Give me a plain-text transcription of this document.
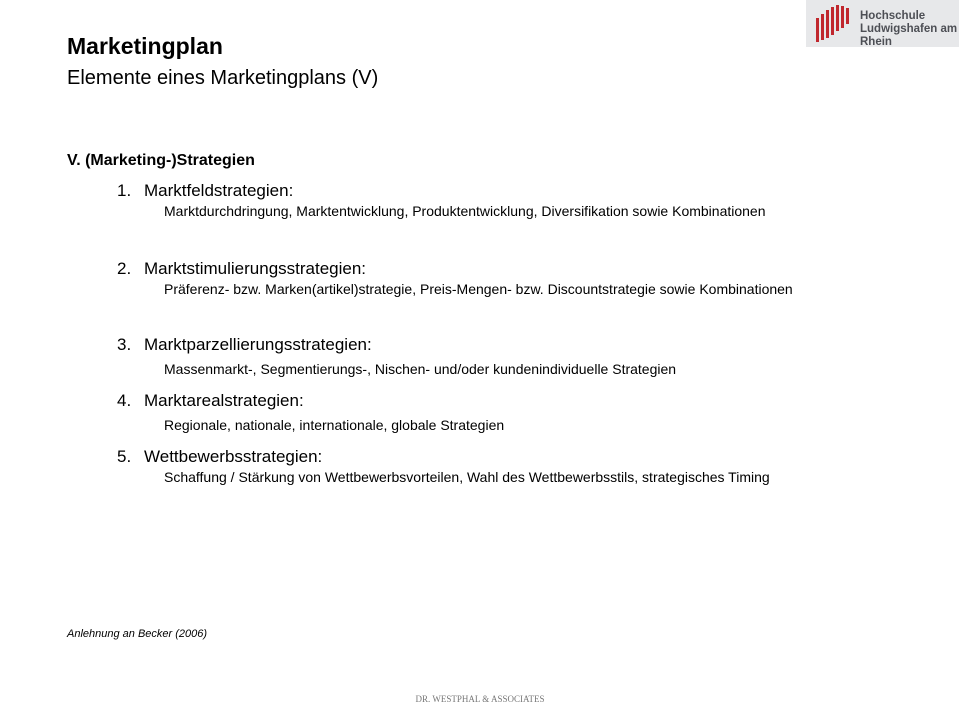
Marketingplan
Elemente eines Marketingplans (V)
Hochschule
Ludwigshafen am Rhein
V. (Marketing-)Strategien
1. Marktfeldstrategien:
Marktdurchdringung, Marktentwicklung, Produktentwicklung, Diversifikation sowie Kombinationen
2. Marktstimulierungsstrategien:
Präferenz- bzw. Marken(artikel)strategie, Preis-Mengen- bzw. Discountstrategie sowie Kombinationen
3. Marktparzellierungsstrategien:
Massenmarkt-, Segmentierungs-, Nischen- und/oder kundenindividuelle Strategien
4. Marktarealstrategien:
Regionale, nationale, internationale, globale Strategien
5. Wettbewerbsstrategien:
Schaffung / Stärkung von Wettbewerbsvorteilen, Wahl des Wettbewerbsstils, strategisches Timing
Anlehnung an Becker (2006)
DR. WESTPHAL & ASSOCIATES
